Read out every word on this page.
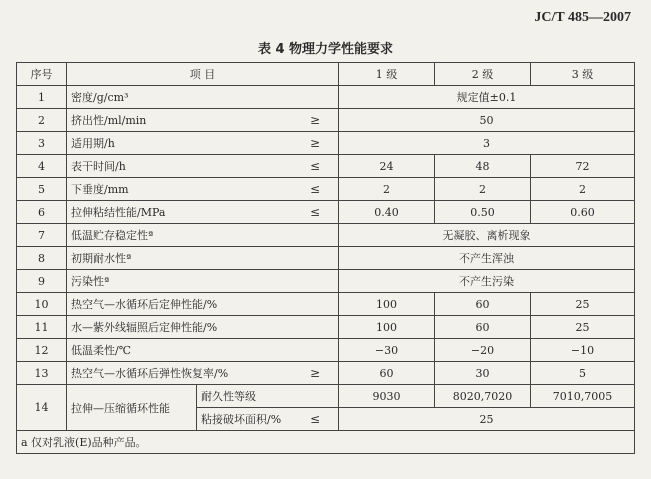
JC/T 485—2007
表 4 物理力学性能要求
序号	项 目		1 级	2 级	3 级
1	密度/g/cm³		规定值±0.1		
2	挤出性/ml/min ≥		50		
3	适用期/h ≥		3		
4	表干时间/h ≤		24	48	72
5	下垂度/mm ≤		2	2	2
6	拉伸粘结性能/MPa ≤		0.40	0.50	0.60
7	低温贮存稳定性ª		无凝胶、离析现象		
8	初期耐水性ª		不产生浑浊		
9	污染性ª		不产生污染		
10	热空气—水循环后定伸性能/%		100	60	25
11	水—紫外线辐照后定伸性能/%		100	60	25
12	低温柔性/℃		−30	−20	−10
13	热空气—水循环后弹性恢复率/% ≥		60	30	5
14	拉伸—压缩循环性能	耐久性等级	9030	8020,7020	7010,7005
		粘接破坏面积/% ≤	25		
a 仅对乳液(E)品种产品。					
